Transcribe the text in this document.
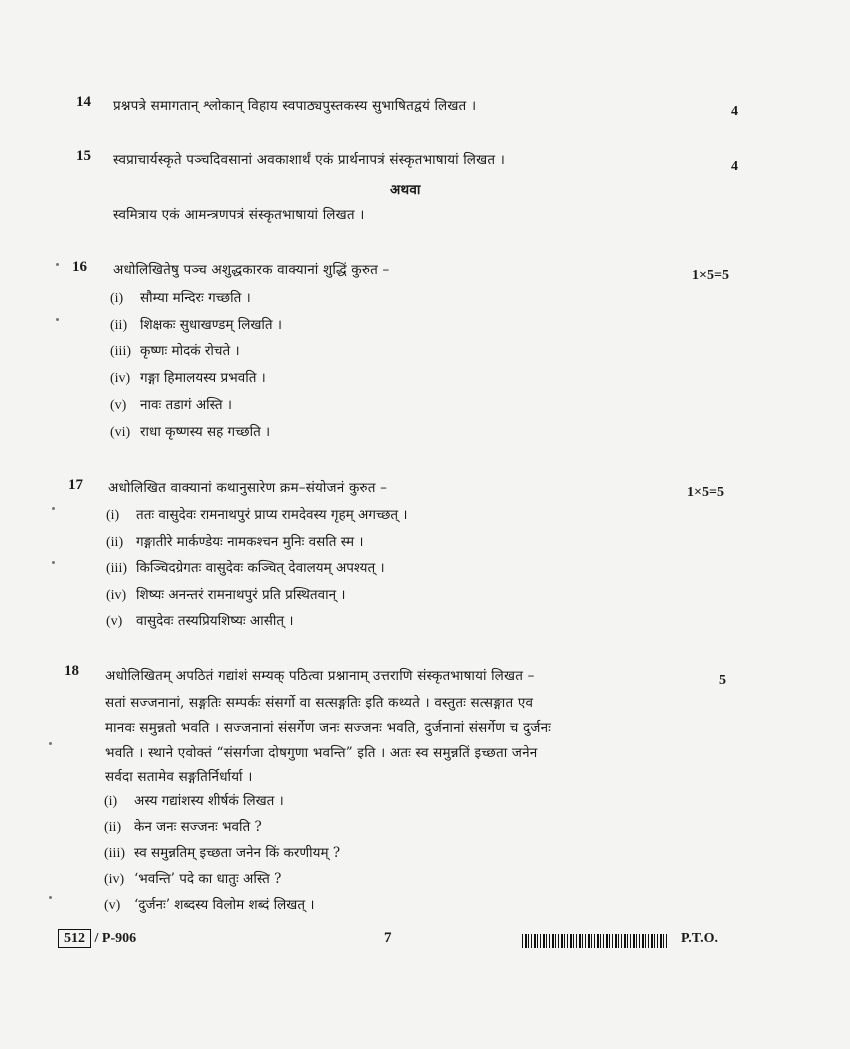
14 प्रश्नपत्रे समागतान् श्लोकान् विहाय स्वपाठ्यपुस्तकस्य सुभाषितद्वयं लिखत ।	4
15 स्वप्राचार्यस्कृते पञ्चदिवसानां अवकाशार्थं एकं प्रार्थनापत्रं संस्कृतभाषायां लिखत ।	4
अथवा
स्वमित्राय एकं आमन्त्रणपत्रं संस्कृतभाषायां लिखत ।
16 अधोलिखितेषु पञ्च अशुद्धकारक वाक्यानां शुद्धिं कुरुत –	1×5=5
(i) सौम्या मन्दिरः गच्छति ।
(ii) शिक्षकः सुधाखण्डम् लिखति ।
(iii) कृष्णः मोदकं रोचते ।
(iv) गङ्गा हिमालयस्य प्रभवति ।
(v) नावः तडागं अस्ति ।
(vi) राधा कृष्णस्य सह गच्छति ।
17 अधोलिखित वाक्यानां कथानुसारेण क्रम–संयोजनं कुरुत –	1×5=5
(i) ततः वासुदेवः रामनाथपुरं प्राप्य रामदेवस्य गृहम् अगच्छत् ।
(ii) गङ्गातीरे मार्कण्डेयः नामकश्चन मुनिः वसति स्म ।
(iii) किञ्चिदग्रेगतः वासुदेवः कञ्चित् देवालयम् अपश्यत् ।
(iv) शिष्यः अनन्तरं रामनाथपुरं प्रति प्रस्थितवान् ।
(v) वासुदेवः तस्यप्रियशिष्यः आसीत् ।
18 अधोलिखितम् अपठितं गद्यांशं सम्यक् पठित्वा प्रश्नानाम् उत्तराणि संस्कृतभाषायां लिखत –	5
सतां सज्जनानां, सङ्गतिः सम्पर्कः संसर्गो वा सत्सङ्गतिः इति कथ्यते । वस्तुतः सत्सङ्गात एव
मानवः समुन्नतो भवति । सज्जनानां संसर्गेण जनः सज्जनः भवति, दुर्जनानां संसर्गेण च दुर्जनः
भवति । स्थाने एवोक्तं “संसर्गजा दोषगुणा भवन्ति” इति । अतः स्व समुन्नतिं इच्छता जनेन
सर्वदा सतामेव सङ्गतिर्निर्धार्या ।
(i) अस्य गद्यांशस्य शीर्षकं लिखत ।
(ii) केन जनः सज्जनः भवति ?
(iii) स्व समुन्नतिम् इच्छता जनेन किं करणीयम् ?
(iv) ‘भवन्ति’ पदे का धातुः अस्ति ?
(v) ‘दुर्जनः’ शब्दस्य विलोम शब्दं लिखत् ।
512 / P-906	7	P.T.O.
